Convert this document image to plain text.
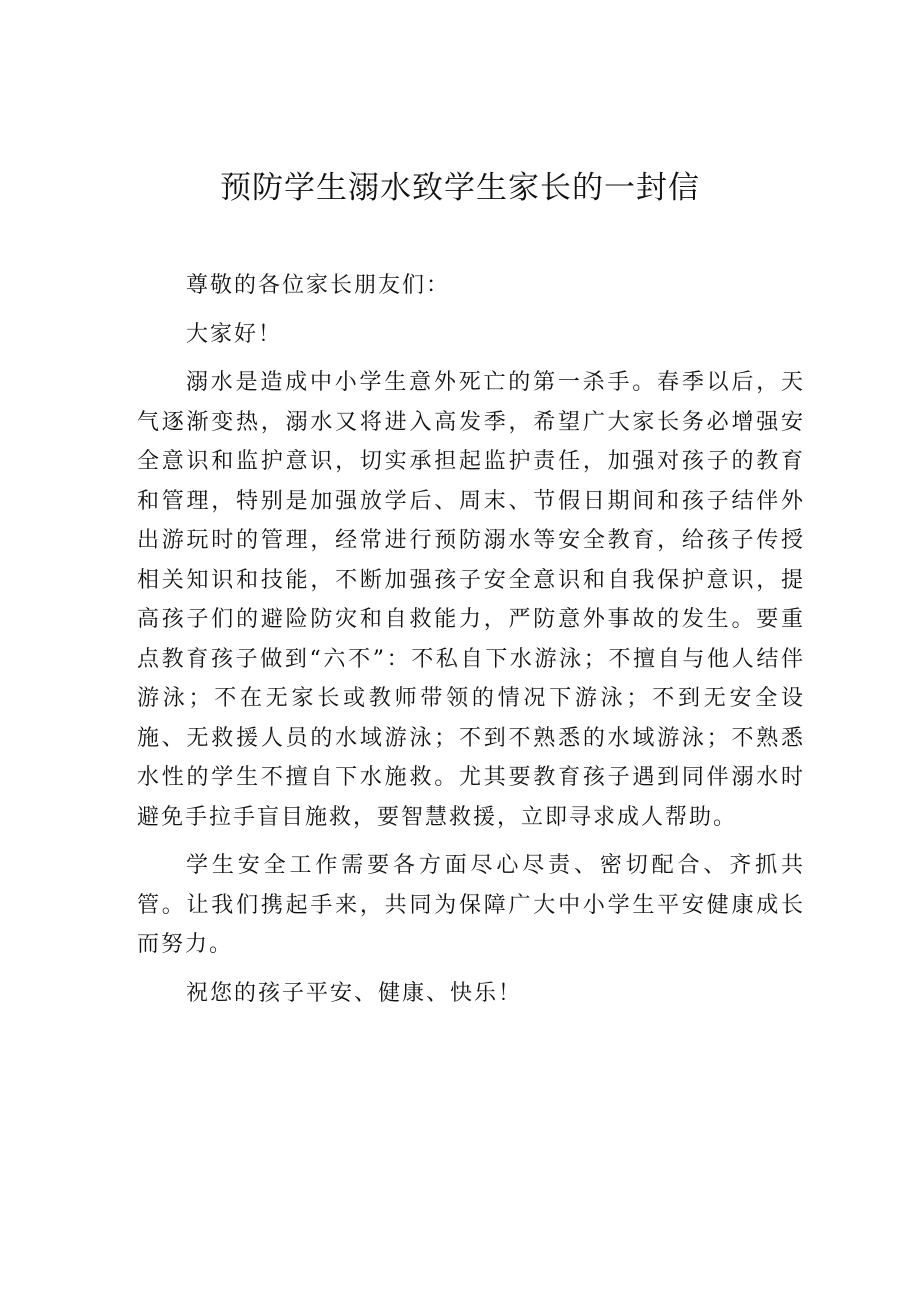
预防学生溺水致学生家长的一封信

尊敬的各位家长朋友们：

大家好！

溺水是造成中小学生意外死亡的第一杀手。春季以后，天气逐渐变热，溺水又将进入高发季，希望广大家长务必增强安全意识和监护意识，切实承担起监护责任，加强对孩子的教育和管理，特别是加强放学后、周末、节假日期间和孩子结伴外出游玩时的管理，经常进行预防溺水等安全教育，给孩子传授相关知识和技能，不断加强孩子安全意识和自我保护意识，提高孩子们的避险防灾和自救能力，严防意外事故的发生。要重点教育孩子做到“六不”：不私自下水游泳；不擅自与他人结伴游泳；不在无家长或教师带领的情况下游泳；不到无安全设施、无救援人员的水域游泳；不到不熟悉的水域游泳；不熟悉水性的学生不擅自下水施救。尤其要教育孩子遇到同伴溺水时避免手拉手盲目施救，要智慧救援，立即寻求成人帮助。

学生安全工作需要各方面尽心尽责、密切配合、齐抓共管。让我们携起手来，共同为保障广大中小学生平安健康成长而努力。

祝您的孩子平安、健康、快乐！
